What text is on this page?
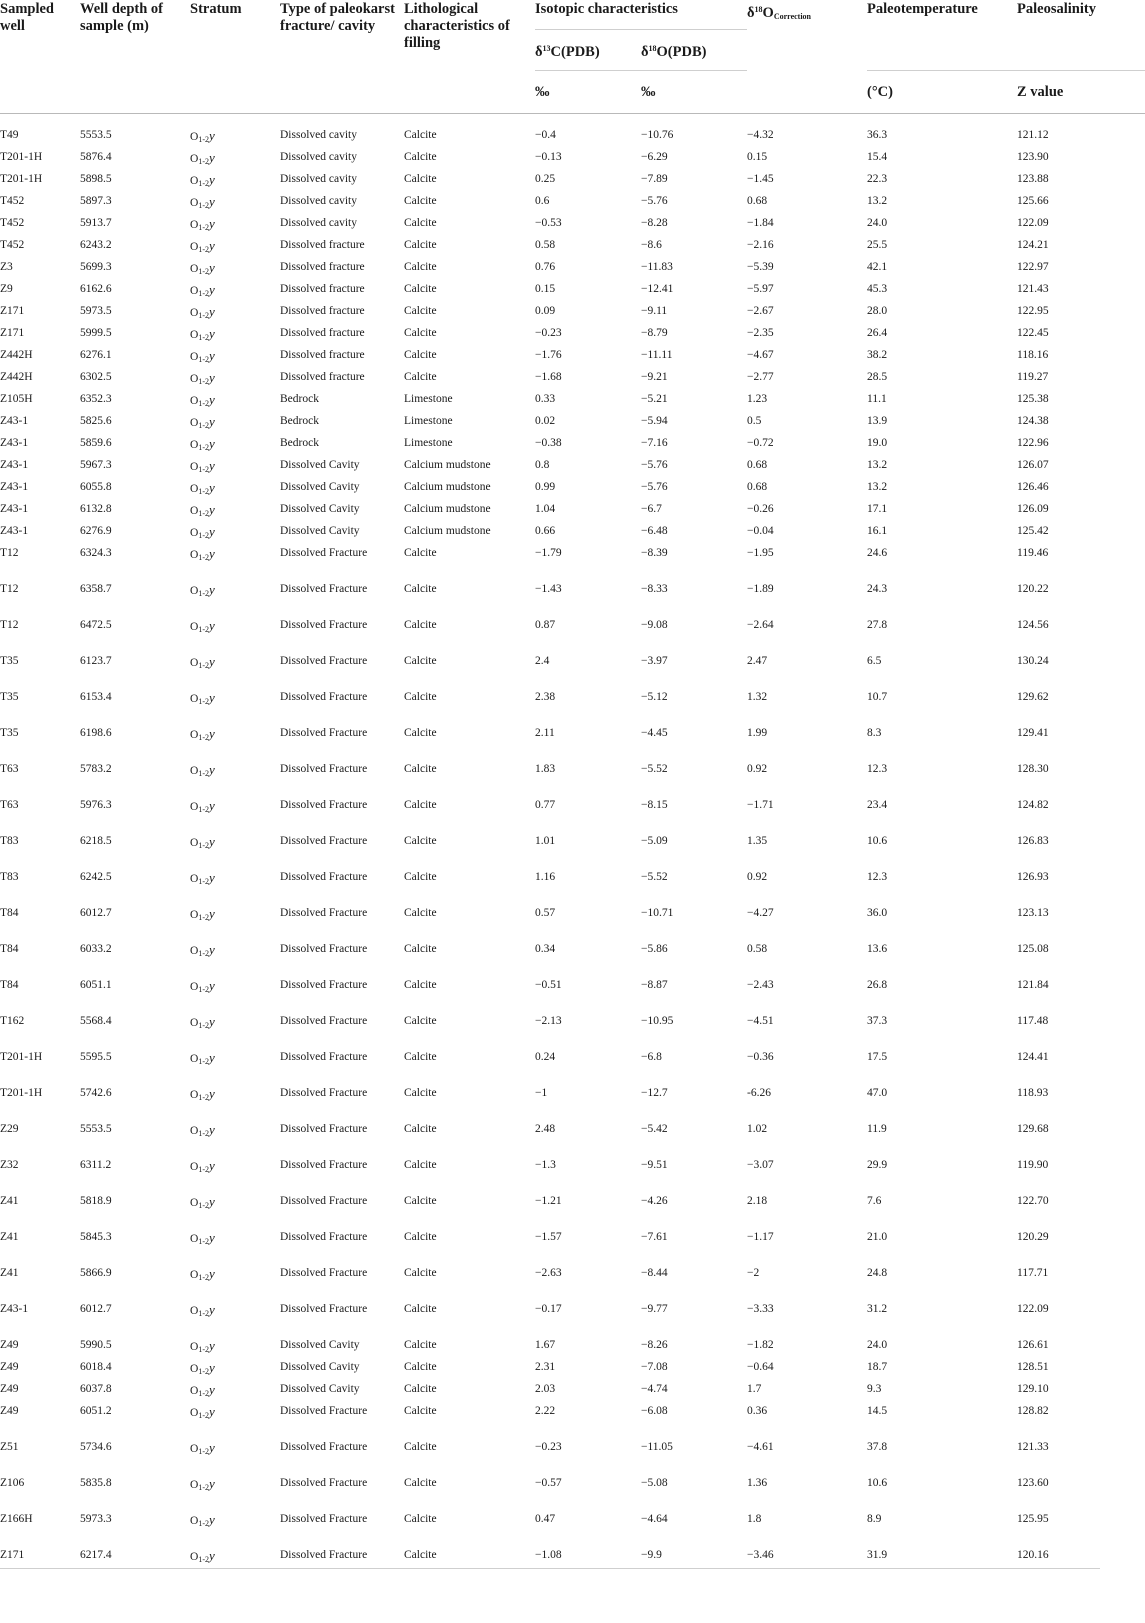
Sampled well	Well depth of sample (m)	Stratum	Type of paleokarst fracture/ cavity	Lithological characteristics of filling	Isotopic characteristics		$\delta^{18}O_{Correction}$	Paleotemperature	Paleosalinity
					$\delta^{13}C(PDB)$	$\delta^{18}O(PDB)$			
					‰	‰		(°C)	Z value
T49	5553.5	$O_{1-2}y$	Dissolved cavity	Calcite	−0.4	−10.76	−4.32	36.3	121.12
T201-1H	5876.4	$O_{1-2}y$	Dissolved cavity	Calcite	−0.13	−6.29	0.15	15.4	123.90
T201-1H	5898.5	$O_{1-2}y$	Dissolved cavity	Calcite	0.25	−7.89	−1.45	22.3	123.88
T452	5897.3	$O_{1-2}y$	Dissolved cavity	Calcite	0.6	−5.76	0.68	13.2	125.66
T452	5913.7	$O_{1-2}y$	Dissolved cavity	Calcite	−0.53	−8.28	−1.84	24.0	122.09
T452	6243.2	$O_{1-2}y$	Dissolved fracture	Calcite	0.58	−8.6	−2.16	25.5	124.21
Z3	5699.3	$O_{1-2}y$	Dissolved fracture	Calcite	0.76	−11.83	−5.39	42.1	122.97
Z9	6162.6	$O_{1-2}y$	Dissolved fracture	Calcite	0.15	−12.41	−5.97	45.3	121.43
Z171	5973.5	$O_{1-2}y$	Dissolved fracture	Calcite	0.09	−9.11	−2.67	28.0	122.95
Z171	5999.5	$O_{1-2}y$	Dissolved fracture	Calcite	−0.23	−8.79	−2.35	26.4	122.45
Z442H	6276.1	$O_{1-2}y$	Dissolved fracture	Calcite	−1.76	−11.11	−4.67	38.2	118.16
Z442H	6302.5	$O_{1-2}y$	Dissolved fracture	Calcite	−1.68	−9.21	−2.77	28.5	119.27
Z105H	6352.3	$O_{1-2}y$	Bedrock	Limestone	0.33	−5.21	1.23	11.1	125.38
Z43-1	5825.6	$O_{1-2}y$	Bedrock	Limestone	0.02	−5.94	0.5	13.9	124.38
Z43-1	5859.6	$O_{1-2}y$	Bedrock	Limestone	−0.38	−7.16	−0.72	19.0	122.96
Z43-1	5967.3	$O_{1-2}y$	Dissolved Cavity	Calcium mudstone	0.8	−5.76	0.68	13.2	126.07
Z43-1	6055.8	$O_{1-2}y$	Dissolved Cavity	Calcium mudstone	0.99	−5.76	0.68	13.2	126.46
Z43-1	6132.8	$O_{1-2}y$	Dissolved Cavity	Calcium mudstone	1.04	−6.7	−0.26	17.1	126.09
Z43-1	6276.9	$O_{1-2}y$	Dissolved Cavity	Calcium mudstone	0.66	−6.48	−0.04	16.1	125.42
T12	6324.3	$O_{1-2}y$	Dissolved Fracture	Calcite	−1.79	−8.39	−1.95	24.6	119.46
T12	6358.7	$O_{1-2}y$	Dissolved Fracture	Calcite	−1.43	−8.33	−1.89	24.3	120.22
T12	6472.5	$O_{1-2}y$	Dissolved Fracture	Calcite	0.87	−9.08	−2.64	27.8	124.56
T35	6123.7	$O_{1-2}y$	Dissolved Fracture	Calcite	2.4	−3.97	2.47	6.5	130.24
T35	6153.4	$O_{1-2}y$	Dissolved Fracture	Calcite	2.38	−5.12	1.32	10.7	129.62
T35	6198.6	$O_{1-2}y$	Dissolved Fracture	Calcite	2.11	−4.45	1.99	8.3	129.41
T63	5783.2	$O_{1-2}y$	Dissolved Fracture	Calcite	1.83	−5.52	0.92	12.3	128.30
T63	5976.3	$O_{1-2}y$	Dissolved Fracture	Calcite	0.77	−8.15	−1.71	23.4	124.82
T83	6218.5	$O_{1-2}y$	Dissolved Fracture	Calcite	1.01	−5.09	1.35	10.6	126.83
T83	6242.5	$O_{1-2}y$	Dissolved Fracture	Calcite	1.16	−5.52	0.92	12.3	126.93
T84	6012.7	$O_{1-2}y$	Dissolved Fracture	Calcite	0.57	−10.71	−4.27	36.0	123.13
T84	6033.2	$O_{1-2}y$	Dissolved Fracture	Calcite	0.34	−5.86	0.58	13.6	125.08
T84	6051.1	$O_{1-2}y$	Dissolved Fracture	Calcite	−0.51	−8.87	−2.43	26.8	121.84
T162	5568.4	$O_{1-2}y$	Dissolved Fracture	Calcite	−2.13	−10.95	−4.51	37.3	117.48
T201-1H	5595.5	$O_{1-2}y$	Dissolved Fracture	Calcite	0.24	−6.8	−0.36	17.5	124.41
T201-1H	5742.6	$O_{1-2}y$	Dissolved Fracture	Calcite	−1	−12.7	-6.26	47.0	118.93
Z29	5553.5	$O_{1-2}y$	Dissolved Fracture	Calcite	2.48	−5.42	1.02	11.9	129.68
Z32	6311.2	$O_{1-2}y$	Dissolved Fracture	Calcite	−1.3	−9.51	−3.07	29.9	119.90
Z41	5818.9	$O_{1-2}y$	Dissolved Fracture	Calcite	−1.21	−4.26	2.18	7.6	122.70
Z41	5845.3	$O_{1-2}y$	Dissolved Fracture	Calcite	−1.57	−7.61	−1.17	21.0	120.29
Z41	5866.9	$O_{1-2}y$	Dissolved Fracture	Calcite	−2.63	−8.44	−2	24.8	117.71
Z43-1	6012.7	$O_{1-2}y$	Dissolved Fracture	Calcite	−0.17	−9.77	−3.33	31.2	122.09
Z49	5990.5	$O_{1-2}y$	Dissolved Cavity	Calcite	1.67	−8.26	−1.82	24.0	126.61
Z49	6018.4	$O_{1-2}y$	Dissolved Cavity	Calcite	2.31	−7.08	−0.64	18.7	128.51
Z49	6037.8	$O_{1-2}y$	Dissolved Cavity	Calcite	2.03	−4.74	1.7	9.3	129.10
Z49	6051.2	$O_{1-2}y$	Dissolved Fracture	Calcite	2.22	−6.08	0.36	14.5	128.82
Z51	5734.6	$O_{1-2}y$	Dissolved Fracture	Calcite	−0.23	−11.05	−4.61	37.8	121.33
Z106	5835.8	$O_{1-2}y$	Dissolved Fracture	Calcite	−0.57	−5.08	1.36	10.6	123.60
Z166H	5973.3	$O_{1-2}y$	Dissolved Fracture	Calcite	0.47	−4.64	1.8	8.9	125.95
Z171	6217.4	$O_{1-2}y$	Dissolved Fracture	Calcite	−1.08	−9.9	−3.46	31.9	120.16
